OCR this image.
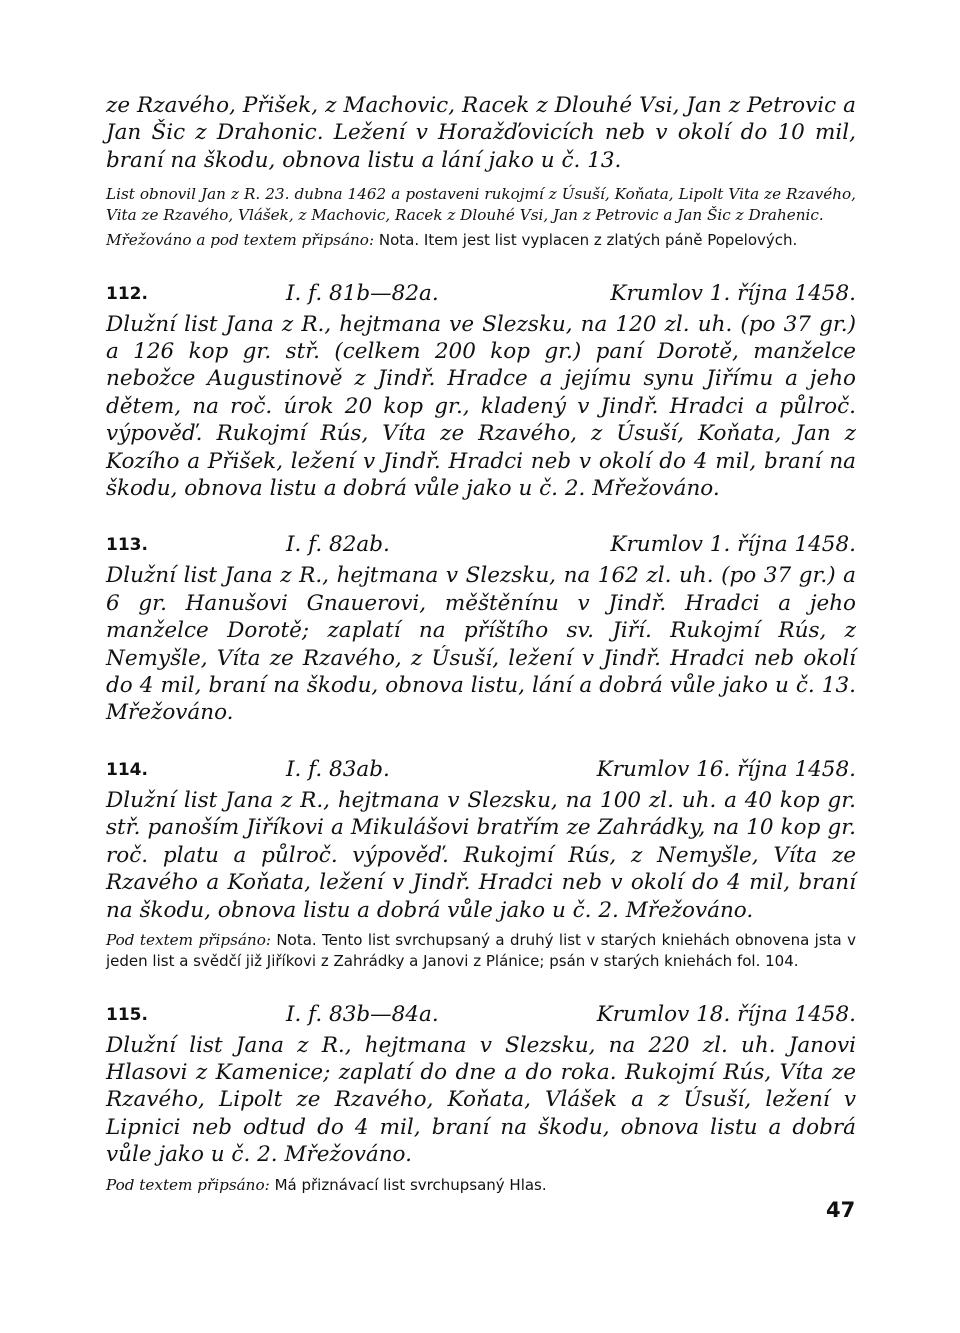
ze Rzavého, Přišek, z Machovic, Racek z Dlouhé Vsi, Jan z Petrovic a Jan Šic z Drahonic. Ležení v Horažďovicích neb v okolí do 10 mil, braní na škodu, obnova listu a lání jako u č. 13.

List obnovil Jan z R. 23. dubna 1462 a postaveni rukojmí z Úsuší, Koňata, Lipolt Vita ze Rzavého, Vita ze Rzavého, Vlášek, z Machovic, Racek z Dlouhé Vsi, Jan z Petrovic a Jan Šic z Drahenic.

Mřežováno a pod textem připsáno: Nota. Item jest list vyplacen z zlatých páně Popelových.

112.	I. f. 81b—82a.	Krumlov 1. října 1458.

Dlužní list Jana z R., hejtmana ve Slezsku, na 120 zl. uh. (po 37 gr.) a 126 kop gr. stř. (celkem 200 kop gr.) paní Dorotě, manželce nebožce Augustinově z Jindř. Hradce a jejímu synu Jiřímu a jeho dětem, na roč. úrok 20 kop gr., kladený v Jindř. Hradci a půlroč. výpověď. Rukojmí Rús, Víta ze Rzavého, z Úsuší, Koňata, Jan z Kozího a Přišek, ležení v Jindř. Hradci neb v okolí do 4 mil, braní na škodu, obnova listu a dobrá vůle jako u č. 2. Mřežováno.

113.	I. f. 82ab.	Krumlov 1. října 1458.

Dlužní list Jana z R., hejtmana v Slezsku, na 162 zl. uh. (po 37 gr.) a 6 gr. Hanušovi Gnauerovi, měštěnínu v Jindř. Hradci a jeho manželce Dorotě; zaplatí na příštího sv. Jiří. Rukojmí Rús, z Nemyšle, Víta ze Rzavého, z Úsuší, ležení v Jindř. Hradci neb okolí do 4 mil, braní na škodu, obnova listu, lání a dobrá vůle jako u č. 13. Mřežováno.

114.	I. f. 83ab.	Krumlov 16. října 1458.

Dlužní list Jana z R., hejtmana v Slezsku, na 100 zl. uh. a 40 kop gr. stř. panoším Jiříkovi a Mikulášovi bratřím ze Zahrádky, na 10 kop gr. roč. platu a půlroč. výpověď. Rukojmí Rús, z Nemyšle, Víta ze Rzavého a Koňata, ležení v Jindř. Hradci neb v okolí do 4 mil, braní na škodu, obnova listu a dobrá vůle jako u č. 2. Mřežováno.

Pod textem připsáno: Nota. Tento list svrchupsaný a druhý list v starých kniehách obnovena jsta v jeden list a svědčí již Jiříkovi z Zahrádky a Janovi z Plánice; psán v starých kniehách fol. 104.

115.	I. f. 83b—84a.	Krumlov 18. října 1458.

Dlužní list Jana z R., hejtmana v Slezsku, na 220 zl. uh. Janovi Hlasovi z Kamenice; zaplatí do dne a do roka. Rukojmí Rús, Víta ze Rzavého, Lipolt ze Rzavého, Koňata, Vlášek a z Úsuší, ležení v Lipnici neb odtud do 4 mil, braní na škodu, obnova listu a dobrá vůle jako u č. 2. Mřežováno.

Pod textem připsáno: Má přiznávací list svrchupsaný Hlas.

47
